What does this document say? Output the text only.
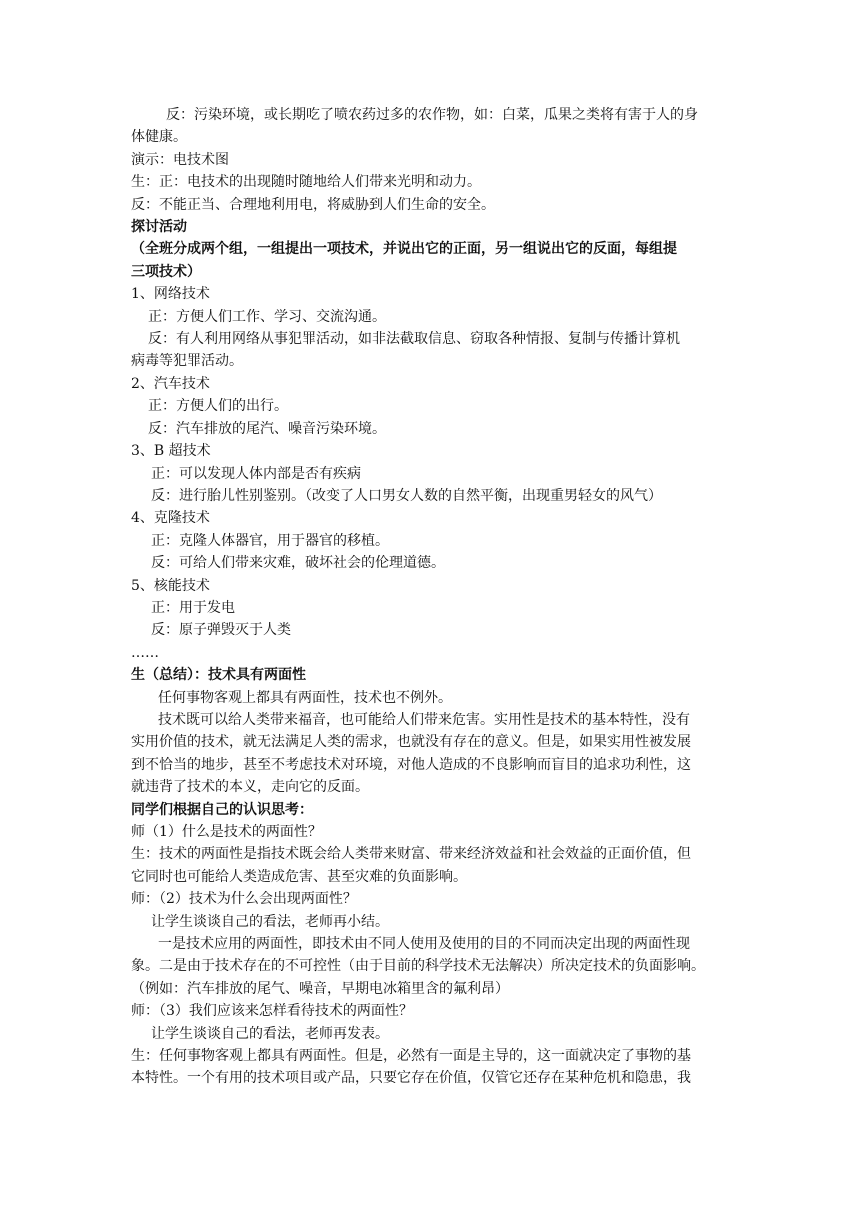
反：污染环境，或长期吃了喷农药过多的农作物，如：白菜，瓜果之类将有害于人的身

体健康。

演示：电技术图

生：正：电技术的出现随时随地给人们带来光明和动力。

反：不能正当、合理地利用电，将威胁到人们生命的安全。

探讨活动

（全班分成两个组，一组提出一项技术，并说出它的正面，另一组说出它的反面，每组提

三项技术）

1、网络技术

正：方便人们工作、学习、交流沟通。

反：有人利用网络从事犯罪活动，如非法截取信息、窃取各种情报、复制与传播计算机

病毒等犯罪活动。

2、汽车技术

正：方便人们的出行。

反：汽车排放的尾汽、噪音污染环境。

3、B 超技术

正：可以发现人体内部是否有疾病

反：进行胎儿性别鉴别。（改变了人口男女人数的自然平衡，出现重男轻女的风气）

4、克隆技术

正：克隆人体器官，用于器官的移植。

反：可给人们带来灾难，破坏社会的伦理道德。

5、核能技术

正：用于发电

反：原子弹毁灭于人类

……

生（总结）：技术具有两面性

任何事物客观上都具有两面性，技术也不例外。

技术既可以给人类带来福音，也可能给人们带来危害。实用性是技术的基本特性，没有

实用价值的技术，就无法满足人类的需求，也就没有存在的意义。但是，如果实用性被发展

到不恰当的地步，甚至不考虑技术对环境，对他人造成的不良影响而盲目的追求功利性，这

就违背了技术的本义，走向它的反面。

同学们根据自己的认识思考：

师（1）什么是技术的两面性？

生：技术的两面性是指技术既会给人类带来财富、带来经济效益和社会效益的正面价值，但

它同时也可能给人类造成危害、甚至灾难的负面影响。

师：（2）技术为什么会出现两面性？

让学生谈谈自己的看法，老师再小结。

一是技术应用的两面性，即技术由不同人使用及使用的目的不同而决定出现的两面性现

象。二是由于技术存在的不可控性（由于目前的科学技术无法解决）所决定技术的负面影响。

（例如：汽车排放的尾气、噪音，早期电冰箱里含的氟利昂）

师：（3）我们应该来怎样看待技术的两面性？

让学生谈谈自己的看法，老师再发表。

生：任何事物客观上都具有两面性。但是，必然有一面是主导的，这一面就决定了事物的基

本特性。一个有用的技术项目或产品，只要它存在价值，仅管它还存在某种危机和隐患，我
